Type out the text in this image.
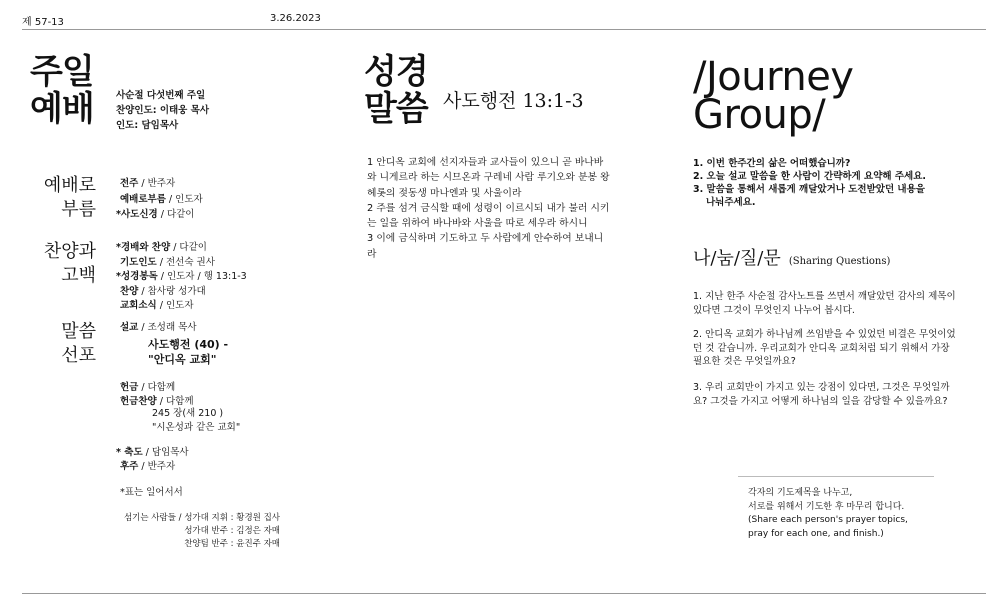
제 57-13	3.26.2023
주일
예배 사순절 다섯번째 주일
찬양인도: 이태웅 목사
인도: 담임목사
예배로
부름
전주 / 반주자
예배로부름 / 인도자
*사도신경 / 다같이
찬양과
고백
*경배와 찬양 / 다같이
기도인도 / 전선숙 권사
*성경봉독 / 인도자 / 행 13:1-3
찬양 / 참사랑 성가대
교회소식 / 인도자
말씀
선포
설교 / 조성래 목사
사도행전 (40) -
"안디옥 교회"
헌금 / 다함께
헌금찬양 / 다함께
245 장(새 210 )
"시온성과 같은 교회"
* 축도 / 담임목사
후주 / 반주자
*표는 일어서서
섬기는 사람들 / 성가대 지휘 : 황경원 집사
성가대 반주 : 김정은 자매
찬양팀 반주 : 윤진주 자매
성경
말씀 사도행전 13:1-3
1 안디옥 교회에 선지자들과 교사들이 있으니 곧 바나바
와 니게르라 하는 시므온과 구레네 사람 루기오와 분봉 왕
헤롯의 젖동생 마나엔과 및 사울이라
2 주를 섬겨 금식할 때에 성령이 이르시되 내가 불러 시키
는 일을 위하여 바나바와 사울을 따로 세우라 하시니
3 이에 금식하며 기도하고 두 사람에게 안수하여 보내니
라
/Journey
Group/
1. 이번 한주간의 삶은 어떠했습니까?
2. 오늘 설교 말씀을 한 사람이 간략하게 요약해 주세요.
3. 말씀을 통해서 새롭게 깨달았거나 도전받았던 내용을
나눠주세요.
나/눔/질/문 (Sharing Questions)
1. 지난 한주 사순절 감사노트를 쓰면서 깨달았던 감사의 제목이
있다면 그것이 무엇인지 나누어 봅시다.
2. 안디옥 교회가 하나님께 쓰임받을 수 있었던 비결은 무엇이었
던 것 같습니까. 우리교회가 안디옥 교회처럼 되기 위해서 가장
필요한 것은 무엇일까요?
3. 우리 교회만이 가지고 있는 강점이 있다면, 그것은 무엇일까
요? 그것을 가지고 어떻게 하나님의 일을 감당할 수 있을까요?
각자의 기도제목을 나누고,
서로를 위해서 기도한 후 마무리 합니다.
(Share each person's prayer topics,
pray for each one, and finish.)
